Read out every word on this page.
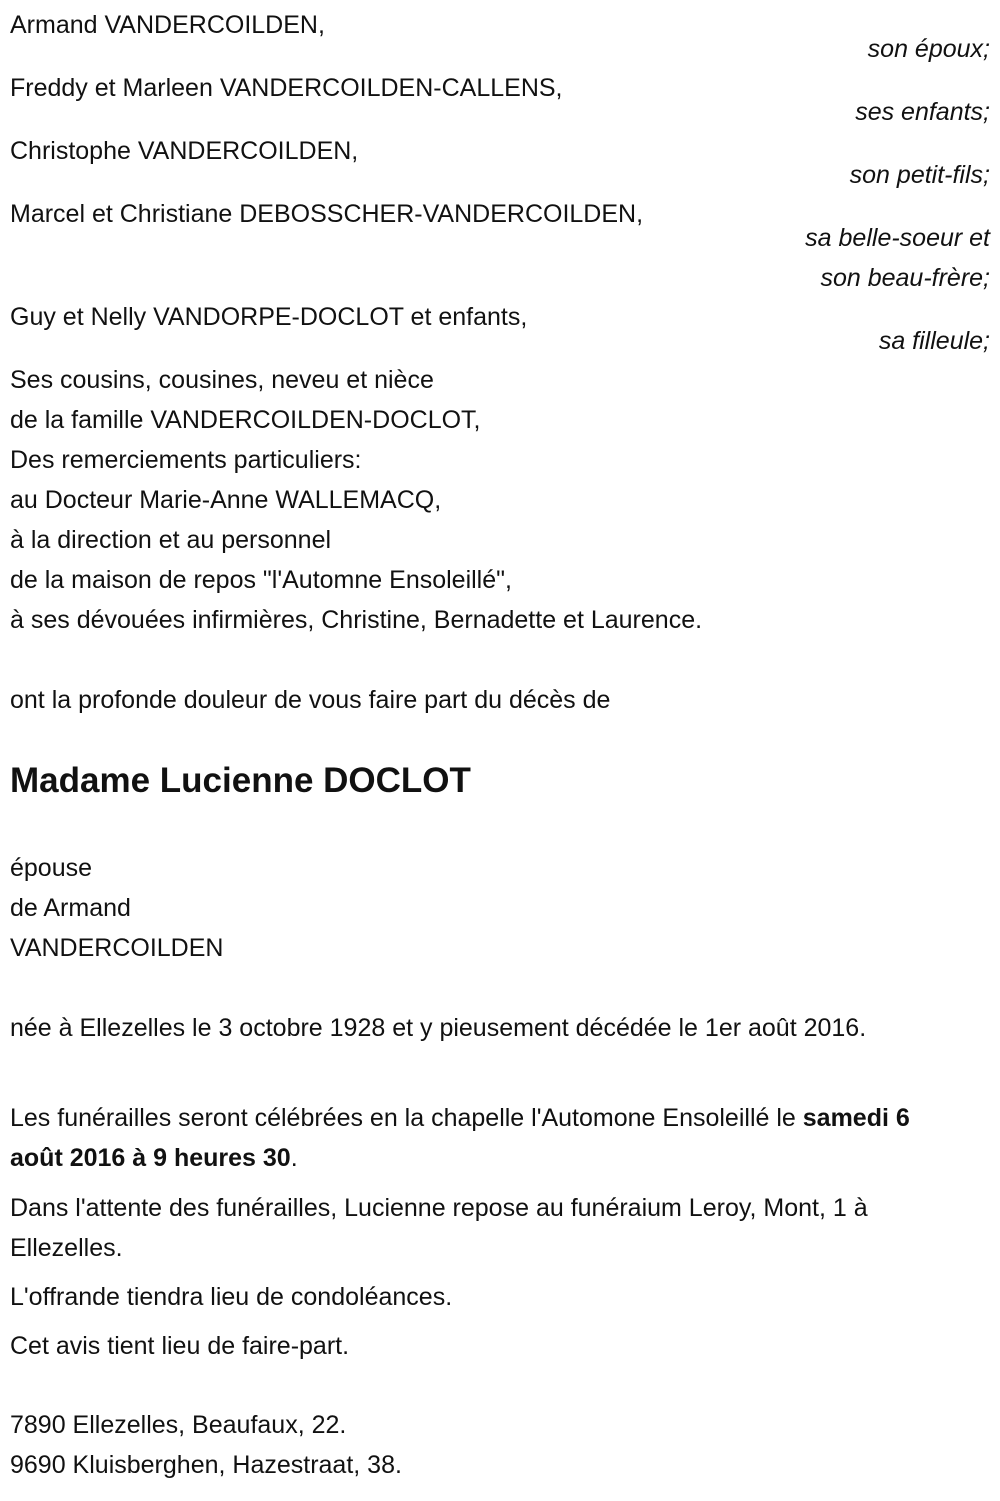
Armand VANDERCOILDEN,
son époux;
Freddy et Marleen VANDERCOILDEN-CALLENS,
ses enfants;
Christophe VANDERCOILDEN,
son petit-fils;
Marcel et Christiane DEBOSSCHER-VANDERCOILDEN,
sa belle-soeur et
son beau-frère;
Guy et Nelly VANDORPE-DOCLOT et enfants,
sa filleule;
Ses cousins, cousines, neveu et nièce
de la famille VANDERCOILDEN-DOCLOT,
Des remerciements particuliers:
au Docteur Marie-Anne WALLEMACQ,
à la direction et au personnel
de la maison de repos "l'Automne Ensoleillé",
à ses dévouées infirmières, Christine, Bernadette et Laurence.
ont la profonde douleur de vous faire part du décès de
Madame Lucienne DOCLOT
épouse
de Armand
VANDERCOILDEN
née à Ellezelles le 3 octobre 1928 et y pieusement décédée le 1er août 2016.
Les funérailles seront célébrées en la chapelle l'Automone Ensoleillé le samedi 6 août 2016 à 9 heures 30.
Dans l'attente des funérailles, Lucienne repose au funéraium Leroy, Mont, 1 à Ellezelles.
L'offrande tiendra lieu de condoléances.
Cet avis tient lieu de faire-part.
7890 Ellezelles, Beaufaux, 22.
9690 Kluisberghen, Hazestraat, 38.
